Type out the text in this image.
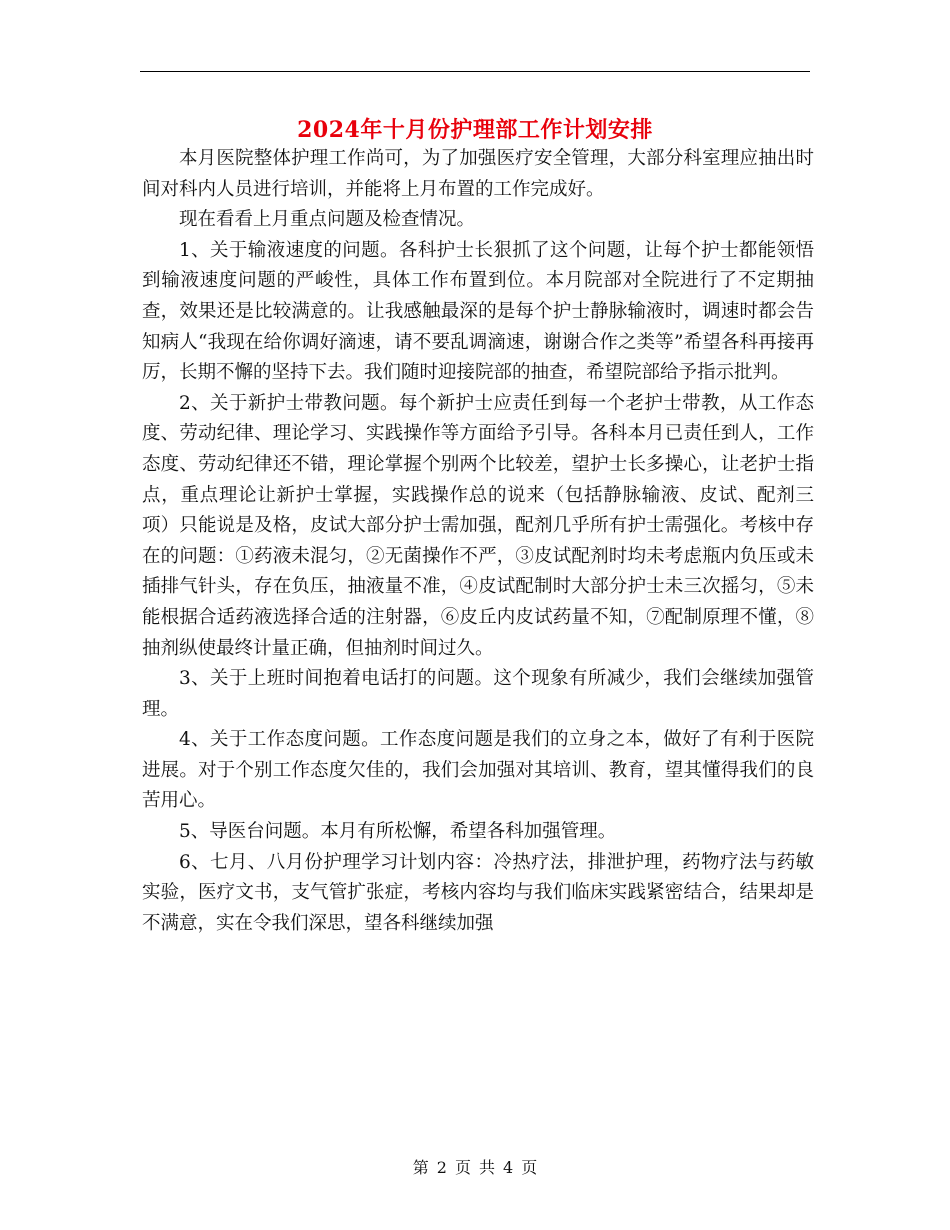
2024年十月份护理部工作计划安排

本月医院整体护理工作尚可，为了加强医疗安全管理，大部分科室理应抽出时间对科内人员进行培训，并能将上月布置的工作完成好。

现在看看上月重点问题及检查情况。

1、关于输液速度的问题。各科护士长狠抓了这个问题，让每个护士都能领悟到输液速度问题的严峻性，具体工作布置到位。本月院部对全院进行了不定期抽查，效果还是比较满意的。让我感触最深的是每个护士静脉输液时，调速时都会告知病人“我现在给你调好滴速，请不要乱调滴速，谢谢合作之类等”希望各科再接再厉，长期不懈的坚持下去。我们随时迎接院部的抽查，希望院部给予指示批判。

2、关于新护士带教问题。每个新护士应责任到每一个老护士带教，从工作态度、劳动纪律、理论学习、实践操作等方面给予引导。各科本月已责任到人，工作态度、劳动纪律还不错，理论掌握个别两个比较差，望护士长多操心，让老护士指点，重点理论让新护士掌握，实践操作总的说来（包括静脉输液、皮试、配剂三项）只能说是及格，皮试大部分护士需加强，配剂几乎所有护士需强化。考核中存在的问题：①药液未混匀，②无菌操作不严，③皮试配剂时均未考虑瓶内负压或未插排气针头，存在负压，抽液量不准，④皮试配制时大部分护士未三次摇匀，⑤未能根据合适药液选择合适的注射器，⑥皮丘内皮试药量不知，⑦配制原理不懂，⑧抽剂纵使最终计量正确，但抽剂时间过久。

3、关于上班时间抱着电话打的问题。这个现象有所减少，我们会继续加强管理。

4、关于工作态度问题。工作态度问题是我们的立身之本，做好了有利于医院进展。对于个别工作态度欠佳的，我们会加强对其培训、教育，望其懂得我们的良苦用心。

5、导医台问题。本月有所松懈，希望各科加强管理。

6、七月、八月份护理学习计划内容：冷热疗法，排泄护理，药物疗法与药敏实验，医疗文书，支气管扩张症，考核内容均与我们临床实践紧密结合，结果却是不满意，实在令我们深思，望各科继续加强

第 2 页 共 4 页
